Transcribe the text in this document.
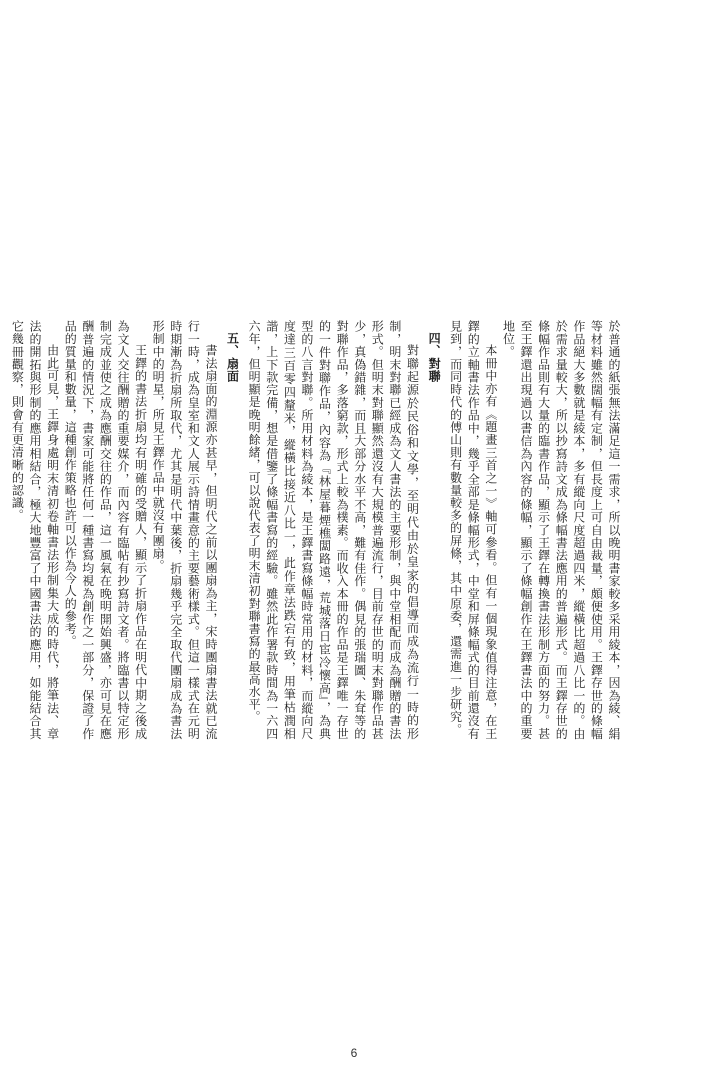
於普通的紙張無法滿足這一需求，所以晚明書家較多采用綾本，因為綾、絹等材料雖然闊幅有定制，但長度上可自由裁量，頗便使用。王鐸存世的條幅作品絕大多數就是綾本，多有縱向尺度超過四米，縱橫比超過八比一的。由於需求量較大，所以抄寫詩文成為條幅書法應用的普遍形式。而王鐸存世的條幅作品則有大量的臨書作品，顯示了王鐸在轉換書法形制方面的努力。甚至王鐸還出現過以書信為內容的條幅，顯示了條幅創作在王鐸書法中的重要地位。

本冊中亦有《題畫三首之一》軸可參看。但有一個現象值得注意，在王鐸的立軸書法作品中，幾乎全部是條幅形式，中堂和屏條幅式的目前還沒有見到，而同時代的傅山則有數量較多的屏條，其中原委，還需進一步研究。

四、對聯

對聯起源於民俗和文學，至明代由於皇家的倡導而成為流行一時的形制，明末對聯已經成為文人書法的主要形制，與中堂相配而成為酬贈的書法形式。但明末對聯顯然還沒有大規模普遍流行，目前存世的明末對聯作品甚少，真偽錯雜，而且大部分水平不高，難有佳作。偶見的張瑞圖、朱耷等的對聯作品，多落窮款，形式上較為樸素。而收入本冊的作品是王鐸唯一存世的一件對聯作品，內容為『林屋暮煙樵闆路遠，荒城落日宦冷懷高』，為典型的八言對聯。所用材料為綾本，是王鐸書寫條幅時常用的材料，而縱向尺度達三百零四釐米，縱橫比接近八比一，此作章法跌宕有致，用筆枯潤相諧，上下款完備，想是借鑒了條幅書寫的經驗。雖然此作署款時間為一六四六年，但明顯是晚明餘緒，可以說代表了明末清初對聯書寫的最高水平。

五、扇面

書法扇面的淵源亦甚早，但明代之前以團扇為主，宋時團扇書法就已流行一時，成為皇室和文人展示詩情畫意的主要藝術樣式。但這一樣式在元明時期漸為折扇所取代，尤其是明代中葉後，折扇幾乎完全取代團扇成為書法形制中的明星，所見王鐸作品中就沒有團扇。

王鐸的書法折扇均有明確的受贈人，顯示了折扇作品在明代中期之後成為文人交往酬贈的重要媒介，而內容有臨帖有抄寫詩文者。將臨書以特定形制完成並使之成為應酬交往的作品，這一風氣在晚明開始興盛，亦可見在應酬普遍的情況下，書家可能將任何一種書寫均視為創作之一部分，保證了作品的質量和數量，這種創作策略也許可以作為今人的參考。

由此可見，王鐸身處明末清初卷軸書法形制集大成的時代，將筆法、章法的開拓與形制的應用相結合，極大地豐富了中國書法的應用，如能結合其它幾冊觀察，則會有更清晰的認識。

6
